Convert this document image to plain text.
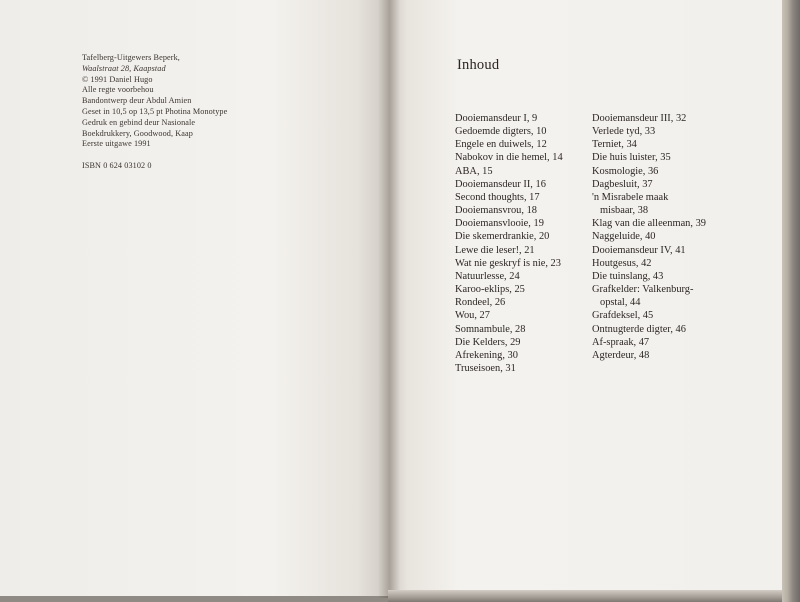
Tafelberg-Uitgewers Beperk,
Waalstraat 28, Kaapstad
© 1991 Daniel Hugo
Alle regte voorbehou
Bandontwerp deur Abdul Amien
Geset in 10,5 op 13,5 pt Photina Monotype
Gedruk en gebind deur Nasionale
Boekdrukkery, Goodwood, Kaap
Eerste uitgawe 1991
ISBN 0 624 03102 0
Inhoud
Dooiemansdeur I, 9
Gedoemde digters, 10
Engele en duiwels, 12
Nabokov in die hemel, 14
ABA, 15
Dooiemansdeur II, 16
Second thoughts, 17
Dooiemansvrou, 18
Dooiemansvlooie, 19
Die skemerdrankie, 20
Lewe die leser!, 21
Wat nie geskryf is nie, 23
Natuurlesse, 24
Karoo-eklips, 25
Rondeel, 26
Wou, 27
Somnambule, 28
Die Kelders, 29
Afrekening, 30
Truseisoen, 31
Dooiemansdeur III, 32
Verlede tyd, 33
Terniet, 34
Die huis luister, 35
Kosmologie, 36
Dagbesluit, 37
'n Misrabele maak
misbaar, 38
Klag van die alleenman, 39
Naggeluide, 40
Dooiemansdeur IV, 41
Houtgesus, 42
Die tuinslang, 43
Grafkelder: Valkenburg-
opstal, 44
Grafdeksel, 45
Ontnugterde digter, 46
Af-spraak, 47
Agterdeur, 48
